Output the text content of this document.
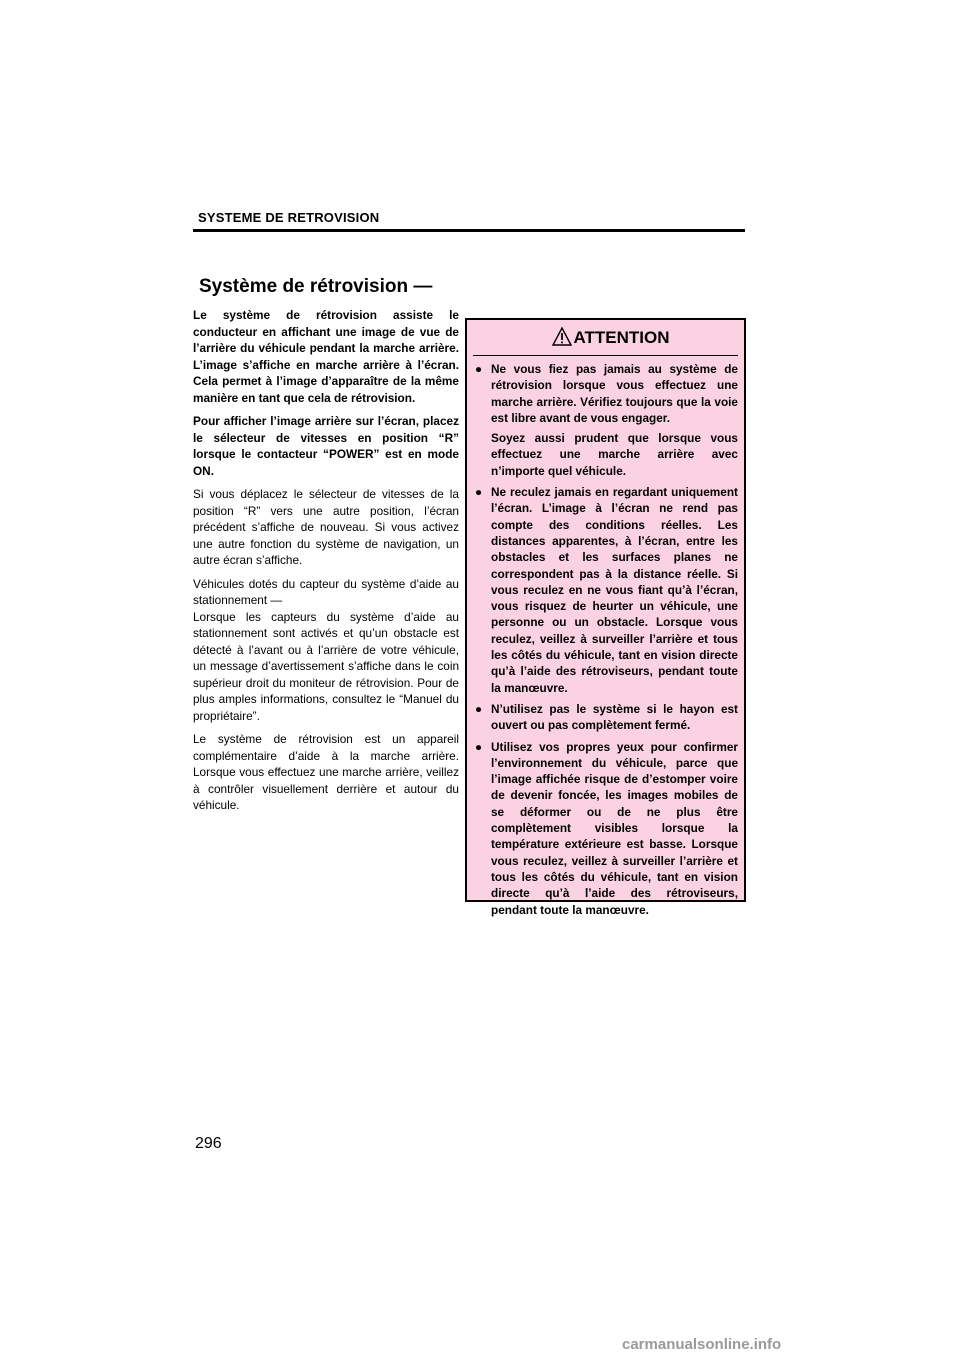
SYSTEME DE RETROVISION
Système de rétrovision —

Le système de rétrovision assiste le conducteur en affichant une image de vue de l’arrière du véhicule pendant la marche arrière. L’image s’affiche en marche arrière à l’écran. Cela permet à l’image d’apparaître de la même manière en tant que cela de rétrovision.

Pour afficher l’image arrière sur l’écran, placez le sélecteur de vitesses en position “R” lorsque le contacteur “POWER” est en mode ON.

Si vous déplacez le sélecteur de vitesses de la position “R” vers une autre position, l’écran précédent s’affiche de nouveau. Si vous activez une autre fonction du système de navigation, un autre écran s’affiche.

Véhicules dotés du capteur du système d’aide au stationnement —
Lorsque les capteurs du système d’aide au stationnement sont activés et qu’un obstacle est détecté à l’avant ou à l’arrière de votre véhicule, un message d’avertissement s’affiche dans le coin supérieur droit du moniteur de rétrovision. Pour de plus amples informations, consultez le “Manuel du propriétaire”.

Le système de rétrovision est un appareil complémentaire d’aide à la marche arrière. Lorsque vous effectuez une marche arrière, veillez à contrôler visuellement derrière et autour du véhicule.

ATTENTION
● Ne vous fiez pas jamais au système de rétrovision lorsque vous effectuez une marche arrière. Vérifiez toujours que la voie est libre avant de vous engager.
Soyez aussi prudent que lorsque vous effectuez une marche arrière avec n’importe quel véhicule.
● Ne reculez jamais en regardant uniquement l’écran. L’image à l’écran ne rend pas compte des conditions réelles. Les distances apparentes, à l’écran, entre les obstacles et les surfaces planes ne correspondent pas à la distance réelle. Si vous reculez en ne vous fiant qu’à l’écran, vous risquez de heurter un véhicule, une personne ou un obstacle. Lorsque vous reculez, veillez à surveiller l’arrière et tous les côtés du véhicule, tant en vision directe qu’à l’aide des rétroviseurs, pendant toute la manœuvre.
● N’utilisez pas le système si le hayon est ouvert ou pas complètement fermé.
● Utilisez vos propres yeux pour confirmer l’environnement du véhicule, parce que l’image affichée risque de d’estomper voire de devenir foncée, les images mobiles de se déformer ou de ne plus être complètement visibles lorsque la température extérieure est basse. Lorsque vous reculez, veillez à surveiller l’arrière et tous les côtés du véhicule, tant en vision directe qu’à l’aide des rétroviseurs, pendant toute la manœuvre.
296
carmanualsonline.info
